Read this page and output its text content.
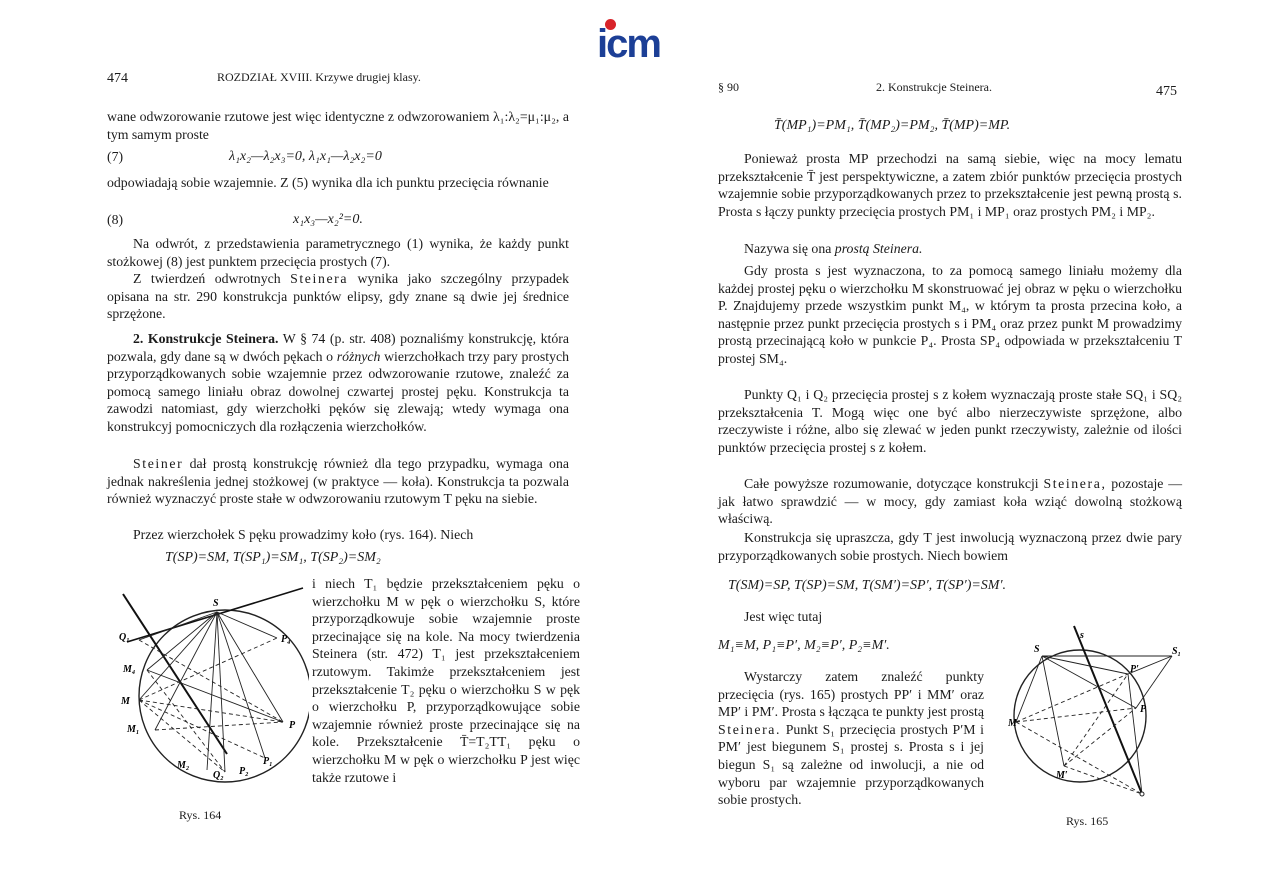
icm
474	ROZDZIAŁ XVIII. Krzywe drugiej klasy.
wane odwzorowanie rzutowe jest więc identyczne z odwzorowaniem λ₁:λ₂=μ₁:μ₂, a tym samym proste
(7)	λ₁x₂—λ₂x₃=0, λ₁x₁—λ₂x₂=0
odpowiadają sobie wzajemnie. Z (5) wynika dla ich punktu przecięcia równanie
(8)	x₁x₃—x₂²=0.
Na odwrót, z przedstawienia parametrycznego (1) wynika, że każdy punkt stożkowej (8) jest punktem przecięcia prostych (7).
Z twierdzeń odwrotnych Steinera wynika jako szczególny przypadek opisana na str. 290 konstrukcja punktów elipsy, gdy znane są dwie jej średnice sprzężone.
2. Konstrukcje Steinera. W § 74 (p. str. 408) poznaliśmy konstrukcję, która pozwala, gdy dane są w dwóch pękach o różnych wierzchołkach trzy pary prostych przyporządkowanych sobie wzajemnie przez odwzorowanie rzutowe, znaleźć za pomocą samego liniału obraz dowolnej czwartej prostej pęku. Konstrukcja ta zawodzi natomiast, gdy wierzchołki pęków się zlewają; wtedy wymaga ona konstrukcyj pomocniczych dla rozłączenia wierzchołków.
Steiner dał prostą konstrukcję również dla tego przypadku, wymaga ona jednak nakreślenia jednej stożkowej (w praktyce — koła). Konstrukcja ta pozwala również wyznaczyć proste stałe w odwzorowaniu rzutowym T pęku na siebie.
Przez wierzchołek S pęku prowadzimy koło (rys. 164). Niech
T(SP)=SM, T(SP₁)=SM₁, T(SP₂)=SM₂
i niech T₁ będzie przekształceniem pęku o wierzchołku M w pęk o wierzchołku S, które przyporządkowuje sobie wzajemnie proste przecinające się na kole. Na mocy twierdzenia Steinera (str. 472) T₁ jest przekształceniem rzutowym. Takimże przekształceniem jest przekształcenie T₂ pęku o wierzchołku S w pęk o wierzchołku P, przyporządkowujące sobie wzajemnie również proste przecinające się na kole. Przekształcenie T̄=T₂TT₁ pęku o wierzchołku M w pęk o wierzchołku P jest więc także rzutowe i
S
Q₁	P₄
M₄
M
M₁	P
M₂
Q₂ P₂
P₁
Rys. 164
§ 90	2. Konstrukcje Steinera.	475
T̄(MP₁)=PM₁, T̄(MP₂)=PM₂, T̄(MP)=MP.
Ponieważ prosta MP przechodzi na samą siebie, więc na mocy lematu przekształcenie T̄ jest perspektywiczne, a zatem zbiór punktów przecięcia prostych wzajemnie sobie przyporządkowanych przez to przekształcenie jest pewną prostą s. Prosta s łączy punkty przecięcia prostych PM₁ i MP₁ oraz prostych PM₂ i MP₂.
Nazywa się ona prostą Steinera.
Gdy prosta s jest wyznaczona, to za pomocą samego liniału możemy dla każdej prostej pęku o wierzchołku M skonstruować jej obraz w pęku o wierzchołku P. Znajdujemy przede wszystkim punkt M₄, w którym ta prosta przecina koło, a następnie przez punkt przecięcia prostych s i PM₄ oraz przez punkt M prowadzimy prostą przecinającą koło w punkcie P₄. Prosta SP₄ odpowiada w przekształceniu T prostej SM₄.
Punkty Q₁ i Q₂ przecięcia prostej s z kołem wyznaczają proste stałe SQ₁ i SQ₂ przekształcenia T. Mogą więc one być albo nierzeczywiste sprzężone, albo rzeczywiste i różne, albo się zlewać w jeden punkt rzeczywisty, zależnie od ilości punktów przecięcia prostej s z kołem.
Całe powyższe rozumowanie, dotyczące konstrukcji Steinera, pozostaje — jak łatwo sprawdzić — w mocy, gdy zamiast koła wziąć dowolną stożkową właściwą.
Konstrukcja się upraszcza, gdy T jest inwolucją wyznaczoną przez dwie pary przyporządkowanych sobie prostych. Niech bowiem
T(SM)=SP, T(SP)=SM, T(SM′)=SP′, T(SP′)=SM′.
Jest więc tutaj
M₁≡M, P₁≡P′, M₂≡P′, P₂≡M′.
Wystarczy zatem znaleźć punkty przecięcia (rys. 165) prostych PP′ i MM′ oraz MP′ i PM′. Prosta s łącząca te punkty jest prostą Steinera. Punkt S₁ przecięcia prostych P′M i PM′ jest biegunem S₁ prostej s. Prosta s i jej biegun S₁ są zależne od inwolucji, a nie od wyboru par wzajemnie przyporządkowanych sobie prostych.
S
s
S₁
P′
P
M
M′
Rys. 165
